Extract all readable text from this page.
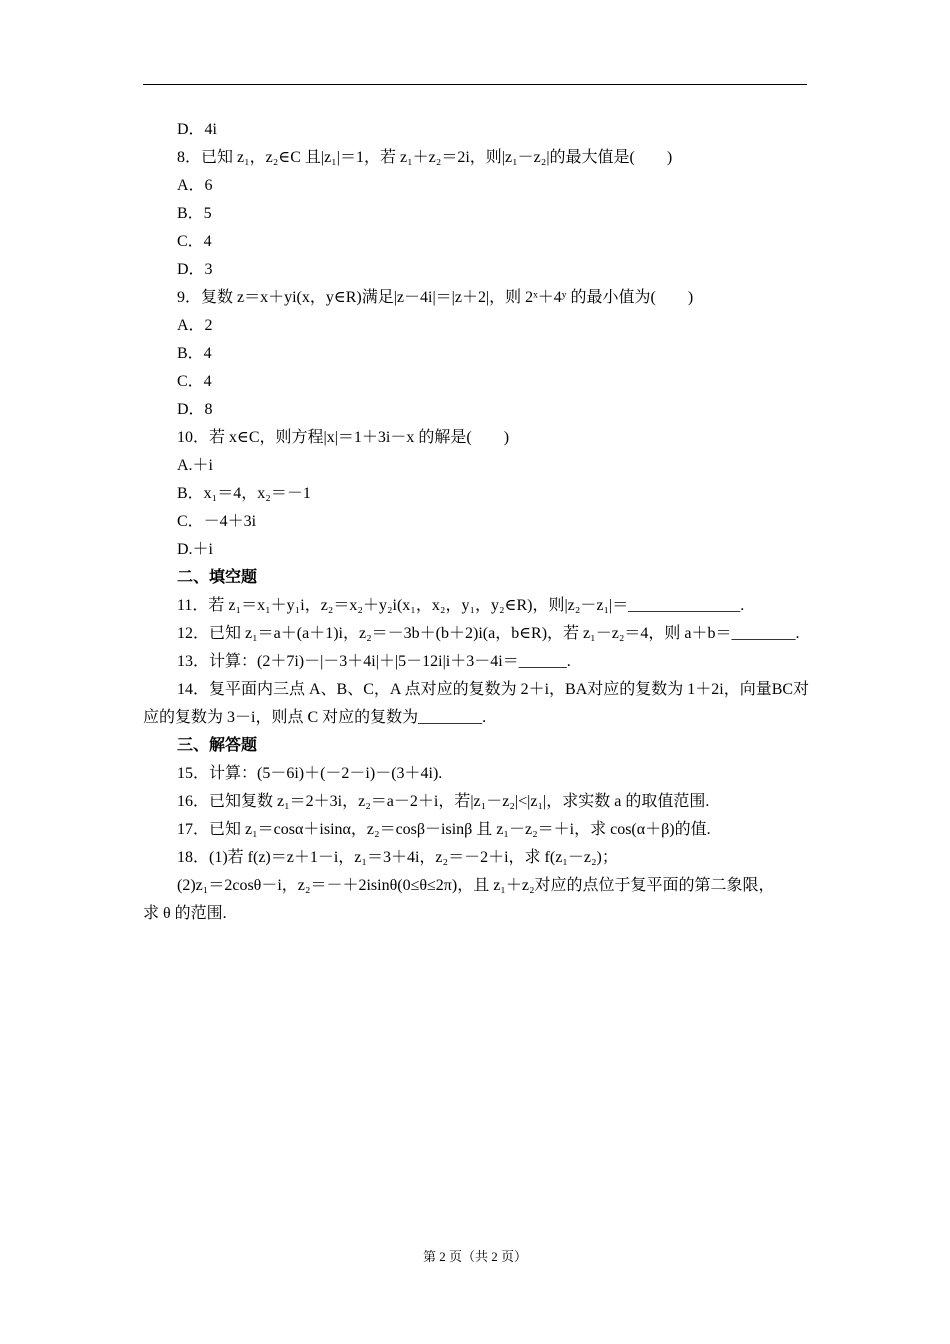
D．4i
8．已知 z₁，z₂∈C 且|z₁|＝1，若 z₁＋z₂＝2i，则|z₁－z₂|的最大值是(　　)
A．6
B．5
C．4
D．3
9．复数 z＝x＋yi(x，y∈R)满足|z－4i|＝|z＋2|，则 2ˣ＋4ʸ 的最小值为(　　)
A．2
B．4
C．4
D．8
10．若 x∈C，则方程|x|＝1＋3i－x 的解是(　　)
A.＋i
B．x₁＝4，x₂＝－1
C．－4＋3i
D.＋i
二、填空题
11．若 z₁＝x₁＋y₁i，z₂＝x₂＋y₂i(x₁，x₂，y₁，y₂∈R)，则|z₂－z₁|＝______________.
12．已知 z₁＝a＋(a＋1)i，z₂＝－3b＋(b＋2)i(a，b∈R)，若 z₁－z₂＝4，则 a＋b＝________.
13．计算：(2＋7i)－|－3＋4i|＋|5－12i|i＋3－4i＝______.
14．复平面内三点 A、B、C，A 点对应的复数为 2＋i，BA对应的复数为 1＋2i，向量BC对
应的复数为 3－i，则点 C 对应的复数为________.
三、解答题
15．计算：(5－6i)＋(－2－i)－(3＋4i).
16．已知复数 z₁＝2＋3i，z₂＝a－2＋i，若|z₁－z₂|<|z₁|，求实数 a 的取值范围.
17．已知 z₁＝cosα＋isinα，z₂＝cosβ－isinβ 且 z₁－z₂＝＋i，求 cos(α＋β)的值.
18．(1)若 f(z)＝z＋1－i，z₁＝3＋4i，z₂＝－2＋i，求 f(z₁－z₂)；
(2)z₁＝2cosθ－i，z₂＝－＋2isinθ(0≤θ≤2π)，且 z₁＋z₂对应的点位于复平面的第二象限，
求 θ 的范围.
第 2 页（共 2 页）
